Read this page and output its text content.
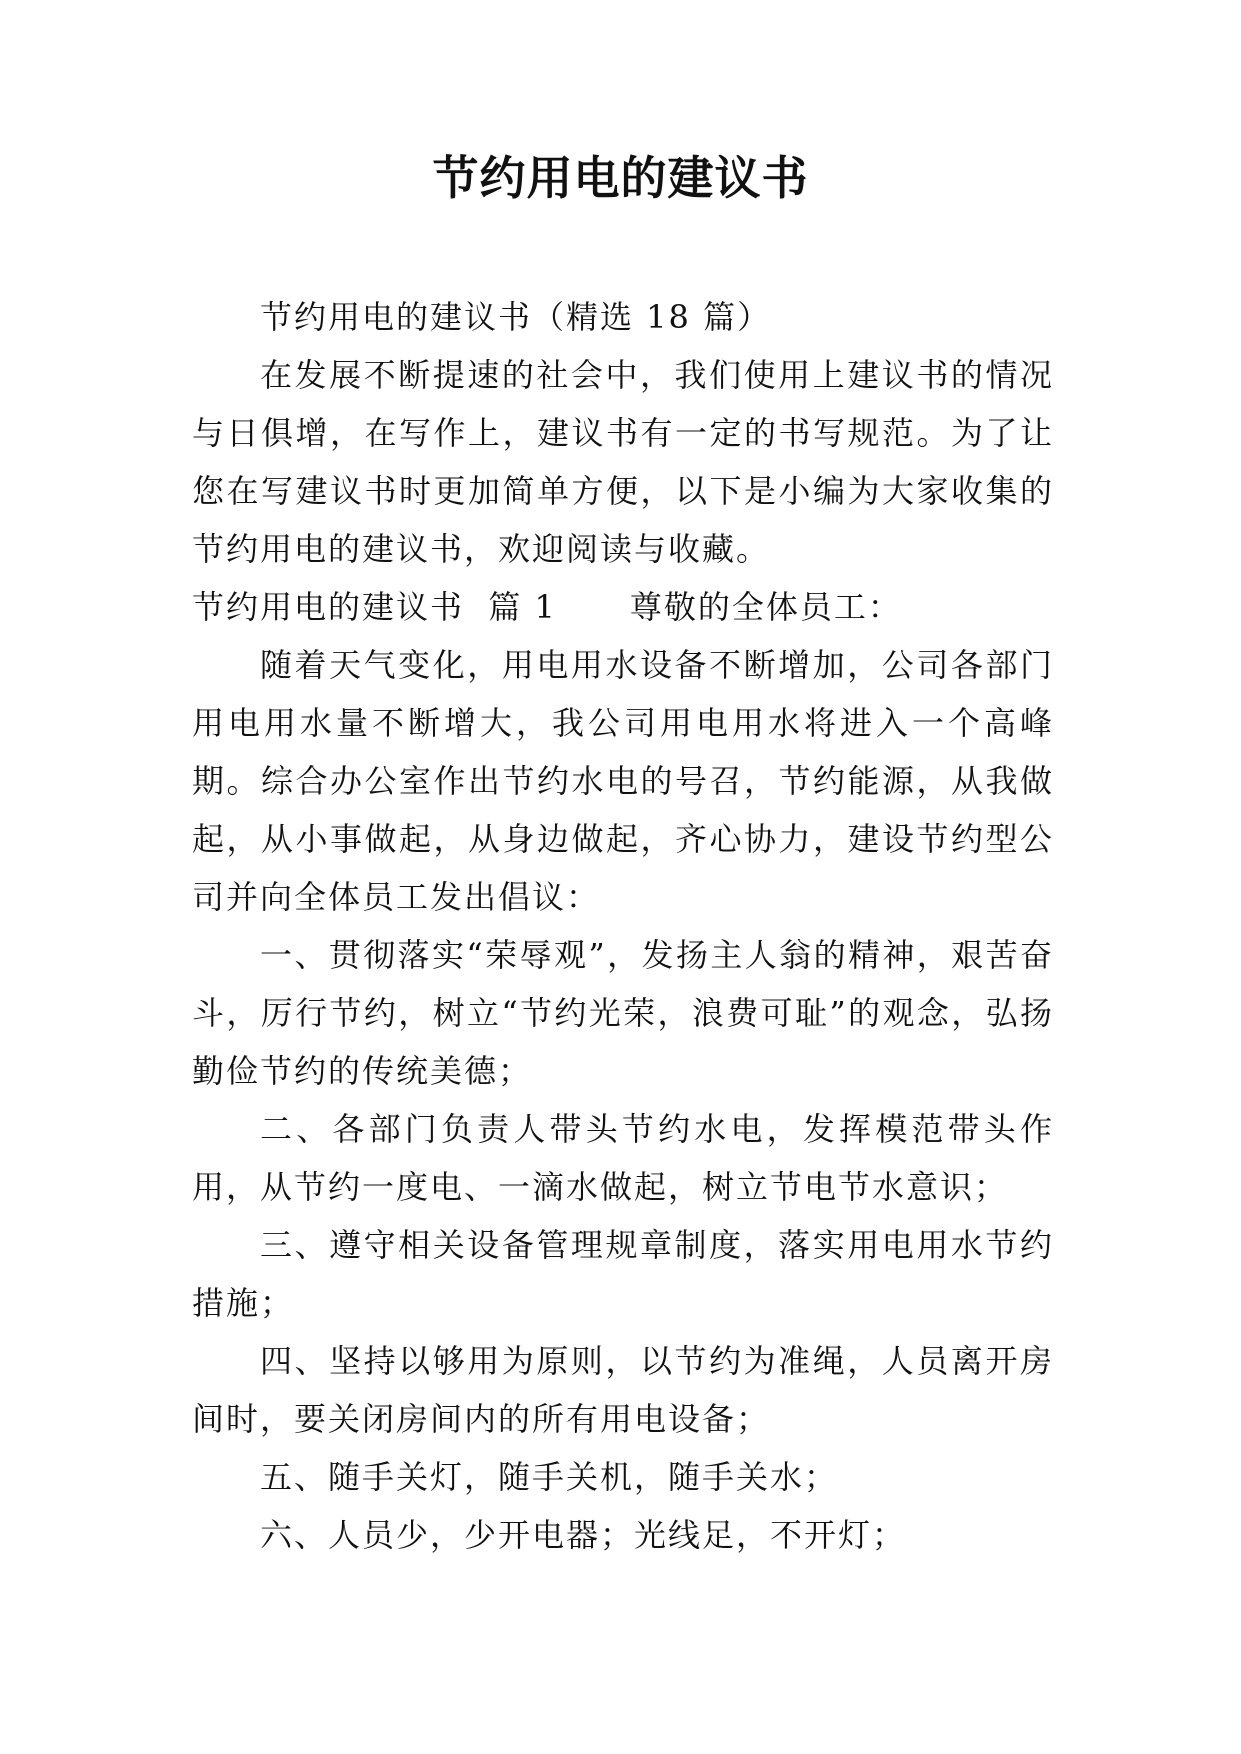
节约用电的建议书

节约用电的建议书（精选 18 篇）

在发展不断提速的社会中，我们使用上建议书的情况与日俱增，在写作上，建议书有一定的书写规范。为了让您在写建议书时更加简单方便，以下是小编为大家收集的节约用电的建议书，欢迎阅读与收藏。

节约用电的建议书  篇 1      尊敬的全体员工：

随着天气变化，用电用水设备不断增加，公司各部门用电用水量不断增大，我公司用电用水将进入一个高峰期。综合办公室作出节约水电的号召，节约能源，从我做起，从小事做起，从身边做起，齐心协力，建设节约型公司并向全体员工发出倡议：

一、贯彻落实“荣辱观”，发扬主人翁的精神，艰苦奋斗，厉行节约，树立“节约光荣，浪费可耻”的观念，弘扬勤俭节约的传统美德；

二、各部门负责人带头节约水电，发挥模范带头作用，从节约一度电、一滴水做起，树立节电节水意识；

三、遵守相关设备管理规章制度，落实用电用水节约措施；

四、坚持以够用为原则，以节约为准绳，人员离开房间时，要关闭房间内的所有用电设备；

五、随手关灯，随手关机，随手关水；

六、人员少，少开电器；光线足，不开灯；
